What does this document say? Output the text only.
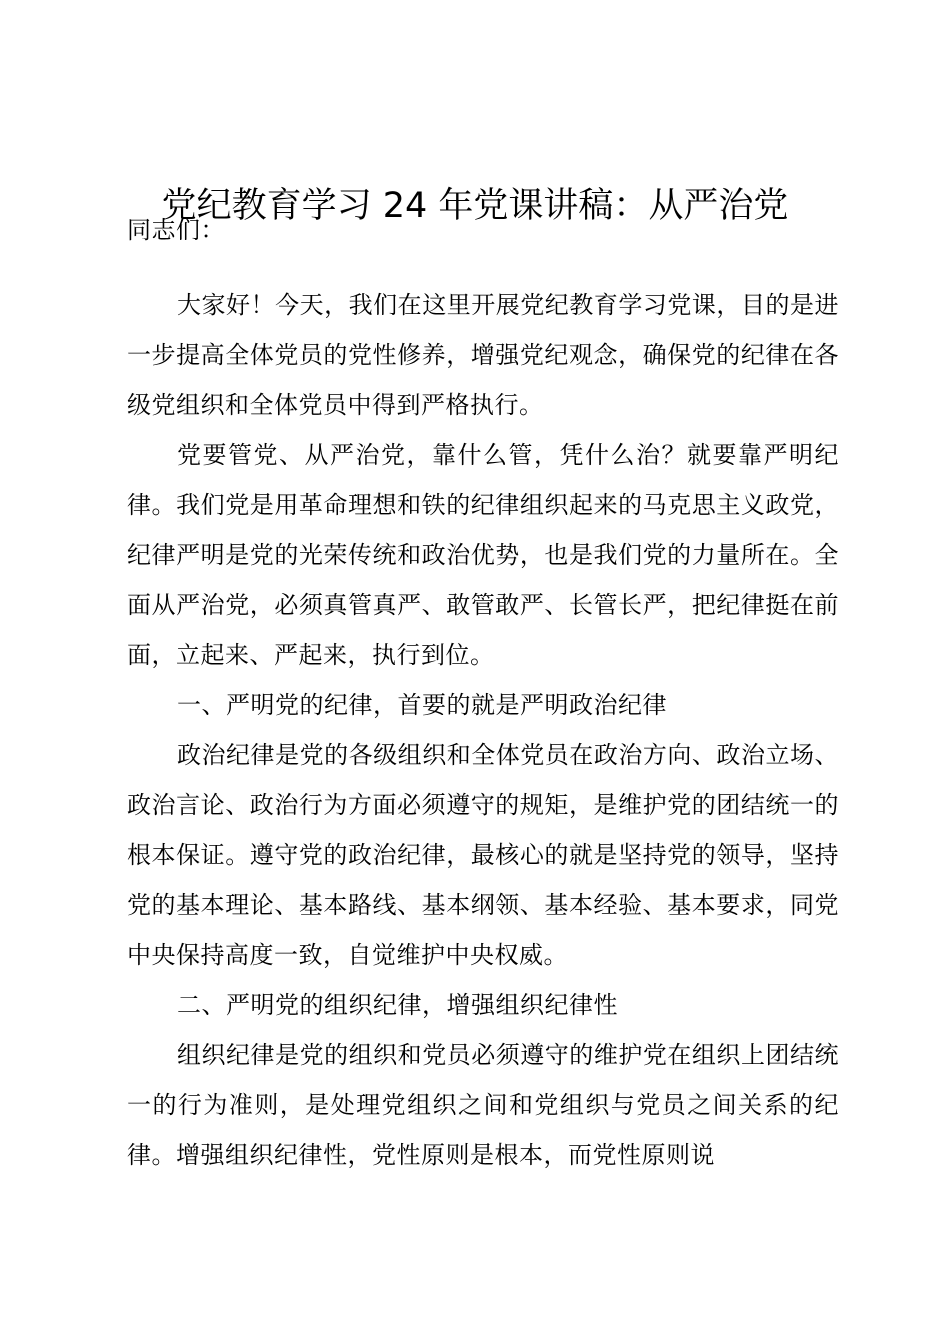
党纪教育学习 24 年党课讲稿：从严治党
同志们：

大家好！今天，我们在这里开展党纪教育学习党课，目的是进一步提高全体党员的党性修养，增强党纪观念，确保党的纪律在各级党组织和全体党员中得到严格执行。

党要管党、从严治党，靠什么管，凭什么治？就要靠严明纪律。我们党是用革命理想和铁的纪律组织起来的马克思主义政党，纪律严明是党的光荣传统和政治优势，也是我们党的力量所在。全面从严治党，必须真管真严、敢管敢严、长管长严，把纪律挺在前面，立起来、严起来，执行到位。

一、严明党的纪律，首要的就是严明政治纪律

政治纪律是党的各级组织和全体党员在政治方向、政治立场、政治言论、政治行为方面必须遵守的规矩，是维护党的团结统一的根本保证。遵守党的政治纪律，最核心的就是坚持党的领导，坚持党的基本理论、基本路线、基本纲领、基本经验、基本要求，同党中央保持高度一致，自觉维护中央权威。

二、严明党的组织纪律，增强组织纪律性

组织纪律是党的组织和党员必须遵守的维护党在组织上团结统一的行为准则，是处理党组织之间和党组织与党员之间关系的纪律。增强组织纪律性，党性原则是根本，而党性原则说
